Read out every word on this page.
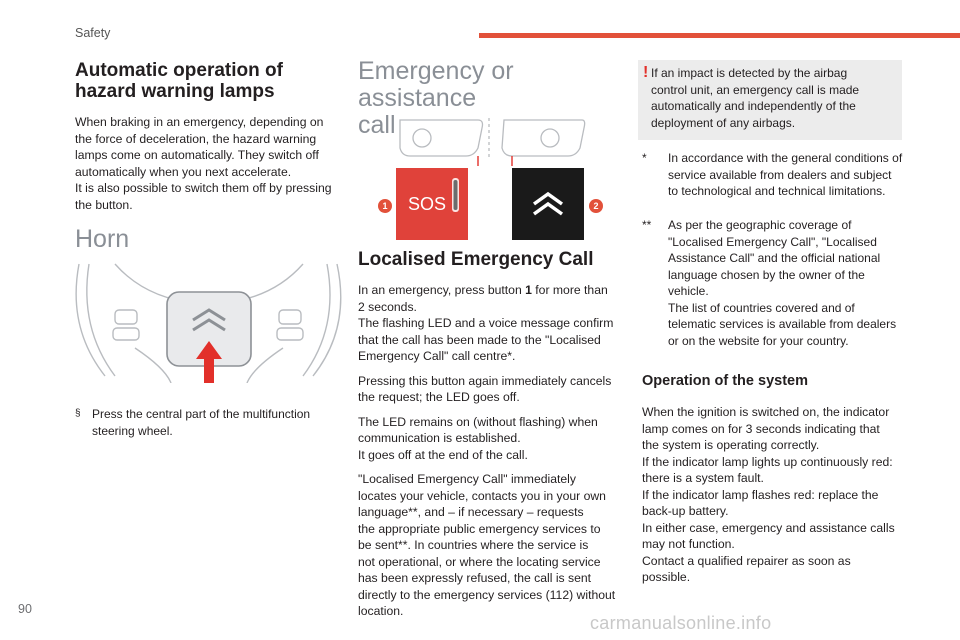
Safety
Automatic operation of
hazard warning lamps

When braking in an emergency, depending on

the force of deceleration, the hazard warning

lamps come on automatically. They switch off

automatically when you next accelerate.

It is also possible to switch them off by pressing

the button.

Horn
§ Press the central part of the multifunction
steering wheel.
Emergency or assistance
call
SOS
1	2
Localised Emergency Call

In an emergency, press button 1 for more than

2 seconds.

The flashing LED and a voice message confirm

that the call has been made to the "Localised

Emergency Call" call centre*.

Pressing this button again immediately cancels

the request; the LED goes off.

The LED remains on (without flashing) when

communication is established.

It goes off at the end of the call.

"Localised Emergency Call" immediately

locates your vehicle, contacts you in your own

language**, and – if necessary – requests

the appropriate public emergency services to

be sent**. In countries where the service is

not operational, or where the locating service

has been expressly refused, the call is sent

directly to the emergency services (112) without

location.

! If an impact is detected by the airbag
control unit, an emergency call is made
automatically and independently of the
deployment of any airbags.
* In accordance with the general conditions of
service available from dealers and subject
to technological and technical limitations.
** As per the geographic coverage of
"Localised Emergency Call", "Localised
Assistance Call" and the official national
language chosen by the owner of the
vehicle.
The list of countries covered and of
telematic services is available from dealers
or on the website for your country.
Operation of the system

When the ignition is switched on, the indicator

lamp comes on for 3 seconds indicating that

the system is operating correctly.

If the indicator lamp lights up continuously red:

there is a system fault.

If the indicator lamp flashes red: replace the

back-up battery.

In either case, emergency and assistance calls

may not function.

Contact a qualified repairer as soon as

possible.

90
carmanualsonline.info
